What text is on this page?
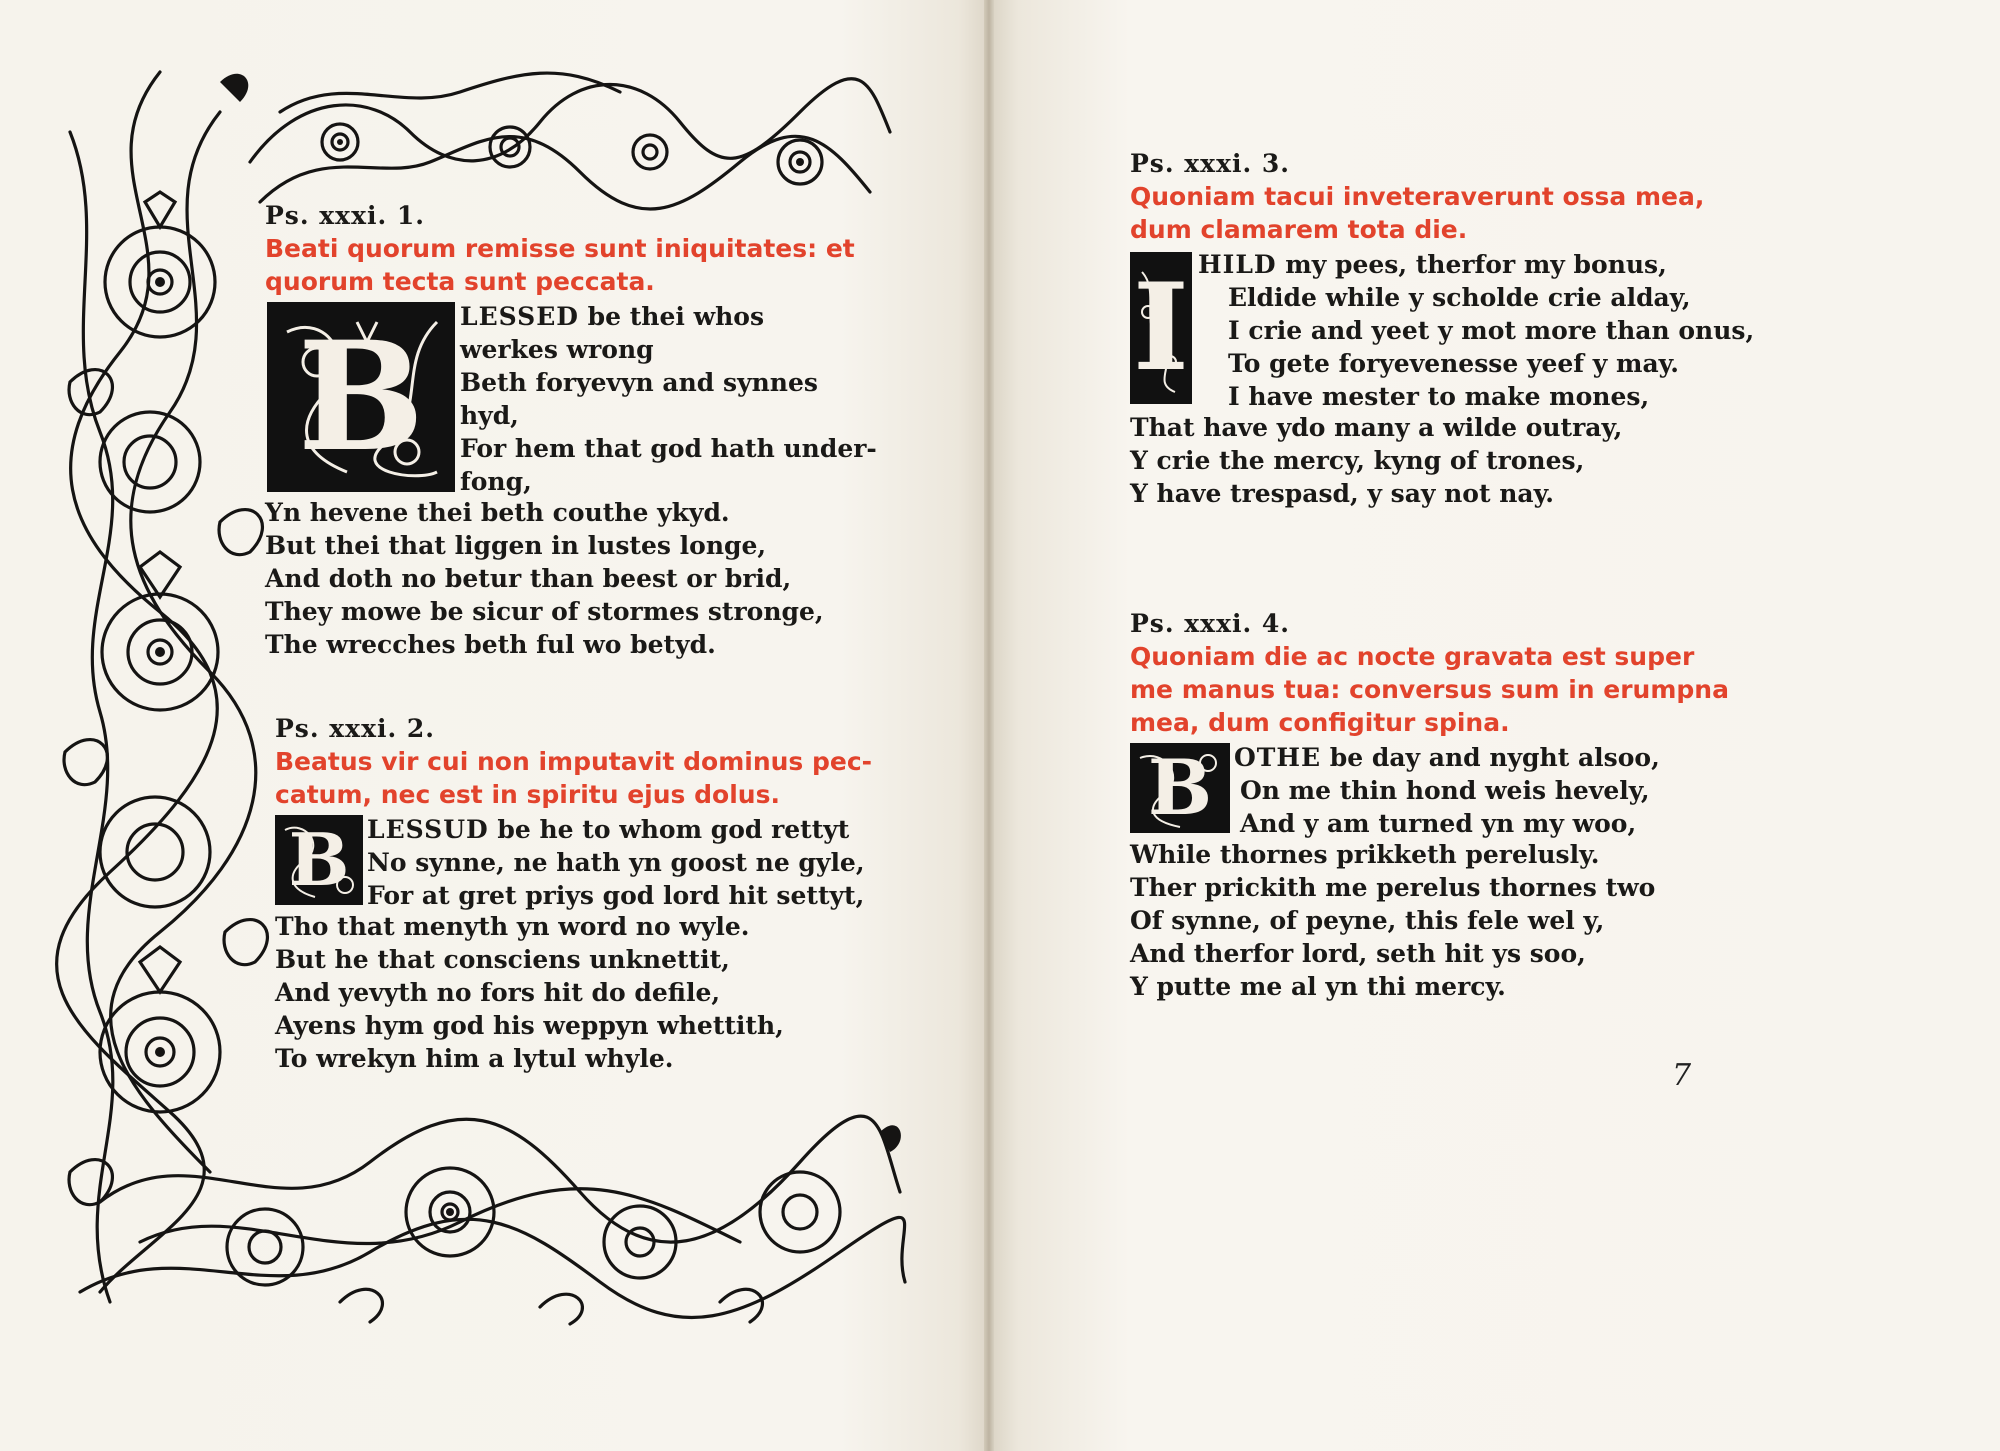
Ps. xxxi. 1.
Beati quorum remisse sunt iniquitates: et
quorum tecta sunt peccata.
B LESSED be thei whos
werkes wrong
Beth foryevyn and synnes
hyd,
For hem that god hath under-
fong,
Yn hevene thei beth couthe ykyd.
But thei that liggen in lustes longe,
And doth no betur than beest or brid,
They mowe be sicur of stormes stronge,
The wrecches beth ful wo betyd.
Ps. xxxi. 2.
Beatus vir cui non imputavit dominus pec-
catum, nec est in spiritu ejus dolus.
B LESSUD be he to whom god rettyt
No synne, ne hath yn goost ne gyle,
For at gret priys god lord hit settyt,
Tho that menyth yn word no wyle.
But he that consciens unknettit,
And yevyth no fors hit do defile,
Ayens hym god his weppyn whettith,
To wrekyn him a lytul whyle.
Ps. xxxi. 3.
Quoniam tacui inveteraverunt ossa mea,
dum clamarem tota die.
I HILD my pees, therfor my bonus,
Eldide while y scholde crie alday,
I crie and yeet y mot more than onus,
To gete foryevenesse yeef y may.
I have mester to make mones,
That have ydo many a wilde outray,
Y crie the mercy, kyng of trones,
Y have trespasd, y say not nay.
Ps. xxxi. 4.
Quoniam die ac nocte gravata est super
me manus tua: conversus sum in erumpna
mea, dum configitur spina.
B OTHE be day and nyght alsoo,
On me thin hond weis hevely,
And y am turned yn my woo,
While thornes prikketh perelusly.
Ther prickith me perelus thornes two
Of synne, of peyne, this fele wel y,
And therfor lord, seth hit ys soo,
Y putte me al yn thi mercy.
7
